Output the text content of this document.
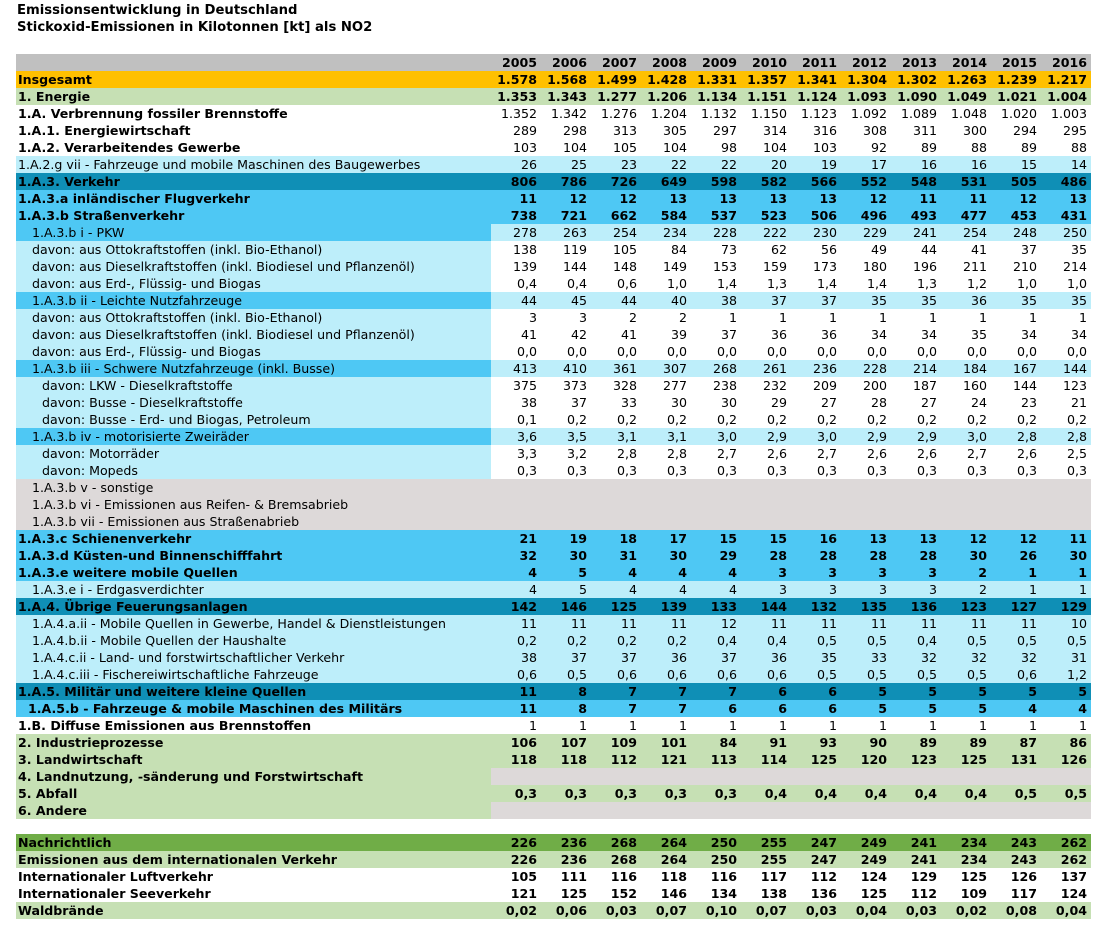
Emissionsentwicklung in Deutschland
Stickoxid-Emissionen in Kilotonnen [kt] als NO2
	2005	2006	2007	2008	2009	2010	2011	2012	2013	2014	2015	2016
Insgesamt	1.578	1.568	1.499	1.428	1.331	1.357	1.341	1.304	1.302	1.263	1.239	1.217
1. Energie	1.353	1.343	1.277	1.206	1.134	1.151	1.124	1.093	1.090	1.049	1.021	1.004
1.A. Verbrennung fossiler Brennstoffe	1.352	1.342	1.276	1.204	1.132	1.150	1.123	1.092	1.089	1.048	1.020	1.003
1.A.1. Energiewirtschaft	289	298	313	305	297	314	316	308	311	300	294	295
1.A.2. Verarbeitendes Gewerbe	103	104	105	104	98	104	103	92	89	88	89	88
1.A.2.g vii - Fahrzeuge und mobile Maschinen des Baugewerbes	26	25	23	22	22	20	19	17	16	16	15	14
1.A.3. Verkehr	806	786	726	649	598	582	566	552	548	531	505	486
1.A.3.a inländischer Flugverkehr	11	12	12	13	13	13	13	12	11	11	12	13
1.A.3.b Straßenverkehr	738	721	662	584	537	523	506	496	493	477	453	431
1.A.3.b i - PKW	278	263	254	234	228	222	230	229	241	254	248	250
davon: aus Ottokraftstoffen (inkl. Bio-Ethanol)	138	119	105	84	73	62	56	49	44	41	37	35
davon: aus Dieselkraftstoffen (inkl. Biodiesel und Pflanzenöl)	139	144	148	149	153	159	173	180	196	211	210	214
davon: aus Erd-, Flüssig- und Biogas	0,4	0,4	0,6	1,0	1,4	1,3	1,4	1,4	1,3	1,2	1,0	1,0
1.A.3.b ii - Leichte Nutzfahrzeuge	44	45	44	40	38	37	37	35	35	36	35	35
davon: aus Ottokraftstoffen (inkl. Bio-Ethanol)	3	3	2	2	1	1	1	1	1	1	1	1
davon: aus Dieselkraftstoffen (inkl. Biodiesel und Pflanzenöl)	41	42	41	39	37	36	36	34	34	35	34	34
davon: aus Erd-, Flüssig- und Biogas	0,0	0,0	0,0	0,0	0,0	0,0	0,0	0,0	0,0	0,0	0,0	0,0
1.A.3.b iii - Schwere Nutzfahrzeuge (inkl. Busse)	413	410	361	307	268	261	236	228	214	184	167	144
davon: LKW - Dieselkraftstoffe	375	373	328	277	238	232	209	200	187	160	144	123
davon: Busse - Dieselkraftstoffe	38	37	33	30	30	29	27	28	27	24	23	21
davon: Busse - Erd- und Biogas, Petroleum	0,1	0,2	0,2	0,2	0,2	0,2	0,2	0,2	0,2	0,2	0,2	0,2
1.A.3.b iv - motorisierte Zweiräder	3,6	3,5	3,1	3,1	3,0	2,9	3,0	2,9	2,9	3,0	2,8	2,8
davon: Motorräder	3,3	3,2	2,8	2,8	2,7	2,6	2,7	2,6	2,6	2,7	2,6	2,5
davon: Mopeds	0,3	0,3	0,3	0,3	0,3	0,3	0,3	0,3	0,3	0,3	0,3	0,3
1.A.3.b v - sonstige												
1.A.3.b vi - Emissionen aus Reifen- & Bremsabrieb												
1.A.3.b vii - Emissionen aus Straßenabrieb												
1.A.3.c Schienenverkehr	21	19	18	17	15	15	16	13	13	12	12	11
1.A.3.d Küsten-und Binnenschifffahrt	32	30	31	30	29	28	28	28	28	30	26	30
1.A.3.e weitere mobile Quellen	4	5	4	4	4	3	3	3	3	2	1	1
1.A.3.e i - Erdgasverdichter	4	5	4	4	4	3	3	3	3	2	1	1
1.A.4. Übrige Feuerungsanlagen	142	146	125	139	133	144	132	135	136	123	127	129
1.A.4.a.ii - Mobile Quellen in Gewerbe, Handel & Dienstleistungen	11	11	11	11	12	11	11	11	11	11	11	10
1.A.4.b.ii - Mobile Quellen der Haushalte	0,2	0,2	0,2	0,2	0,4	0,4	0,5	0,5	0,4	0,5	0,5	0,5
1.A.4.c.ii - Land- und forstwirtschaftlicher Verkehr	38	37	37	36	37	36	35	33	32	32	32	31
1.A.4.c.iii - Fischereiwirtschaftliche Fahrzeuge	0,6	0,5	0,6	0,6	0,6	0,6	0,5	0,5	0,5	0,5	0,6	1,2
1.A.5. Militär und weitere kleine Quellen	11	8	7	7	7	6	6	5	5	5	5	5
1.A.5.b - Fahrzeuge & mobile Maschinen des Militärs	11	8	7	7	6	6	6	5	5	5	4	4
1.B. Diffuse Emissionen aus Brennstoffen	1	1	1	1	1	1	1	1	1	1	1	1
2. Industrieprozesse	106	107	109	101	84	91	93	90	89	89	87	86
3. Landwirtschaft	118	118	112	121	113	114	125	120	123	125	131	126
4. Landnutzung, -sänderung und Forstwirtschaft												
5. Abfall	0,3	0,3	0,3	0,3	0,3	0,4	0,4	0,4	0,4	0,4	0,5	0,5
6. Andere												

Nachrichtlich	226	236	268	264	250	255	247	249	241	234	243	262
Emissionen aus dem internationalen Verkehr	226	236	268	264	250	255	247	249	241	234	243	262
Internationaler Luftverkehr	105	111	116	118	116	117	112	124	129	125	126	137
Internationaler Seeverkehr	121	125	152	146	134	138	136	125	112	109	117	124
Waldbrände	0,02	0,06	0,03	0,07	0,10	0,07	0,03	0,04	0,03	0,02	0,08	0,04
